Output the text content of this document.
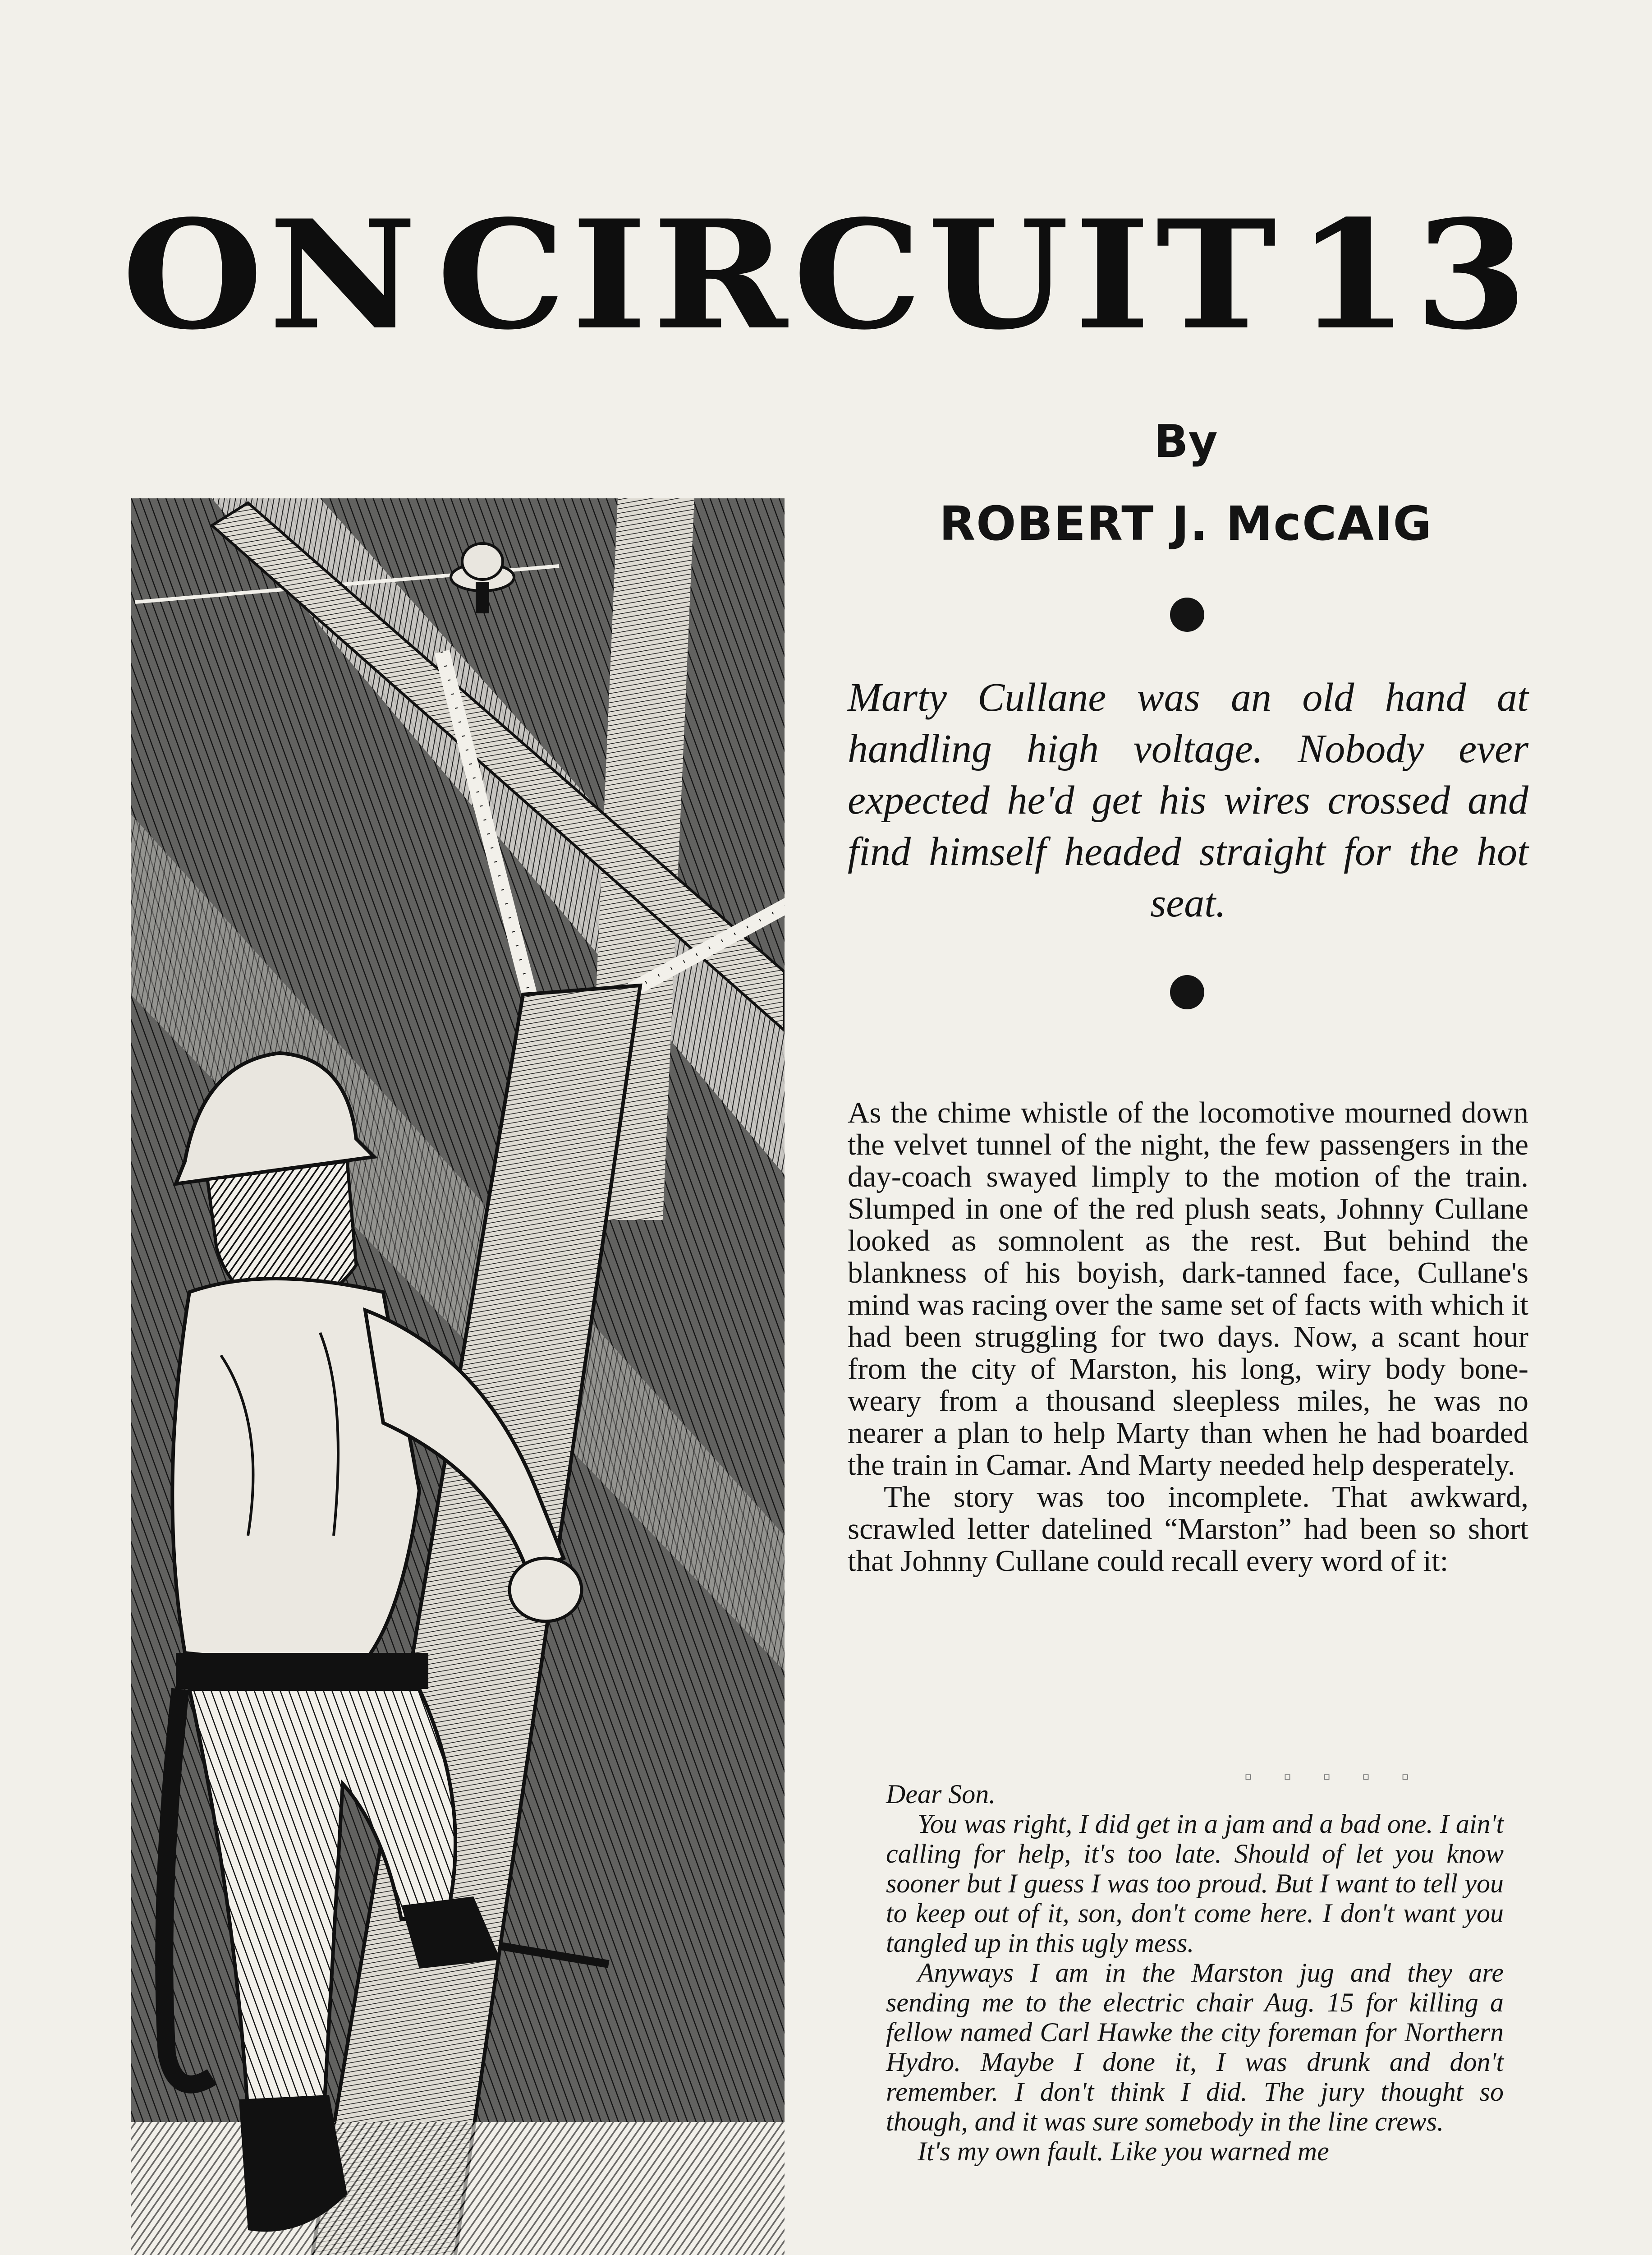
ON CIRCUIT 13
By
ROBERT J. McCAIG
Marty Cullane was an old hand at handling high voltage. Nobody ever expected he'd get his wires crossed and find himself headed straight for the hot seat.

As the chime whistle of the locomotive mourned down the velvet tunnel of the night, the few passengers in the day-coach swayed limply to the motion of the train. Slumped in one of the red plush seats, Johnny Cullane looked as somnolent as the rest. But behind the blankness of his boyish, dark-tanned face, Cullane's mind was racing over the same set of facts with which it had been struggling for two days. Now, a scant hour from the city of Marston, his long, wiry body bone-weary from a thousand sleepless miles, he was no nearer a plan to help Marty than when he had boarded the train in Camar. And Marty needed help desperately.

The story was too incomplete. That awkward, scrawled letter datelined “Marston” had been so short that Johnny Cullane could recall every word of it:

▫▫▫▫▫

Dear Son.

You was right, I did get in a jam and a bad one. I ain't calling for help, it's too late. Should of let you know sooner but I guess I was too proud. But I want to tell you to keep out of it, son, don't come here. I don't want you tangled up in this ugly mess.

Anyways I am in the Marston jug and they are sending me to the electric chair Aug. 15 for killing a fellow named Carl Hawke the city foreman for Northern Hydro. Maybe I done it, I was drunk and don't remember. I don't think I did. The jury thought so though, and it was sure somebody in the line crews.

It's my own fault. Like you warned me
